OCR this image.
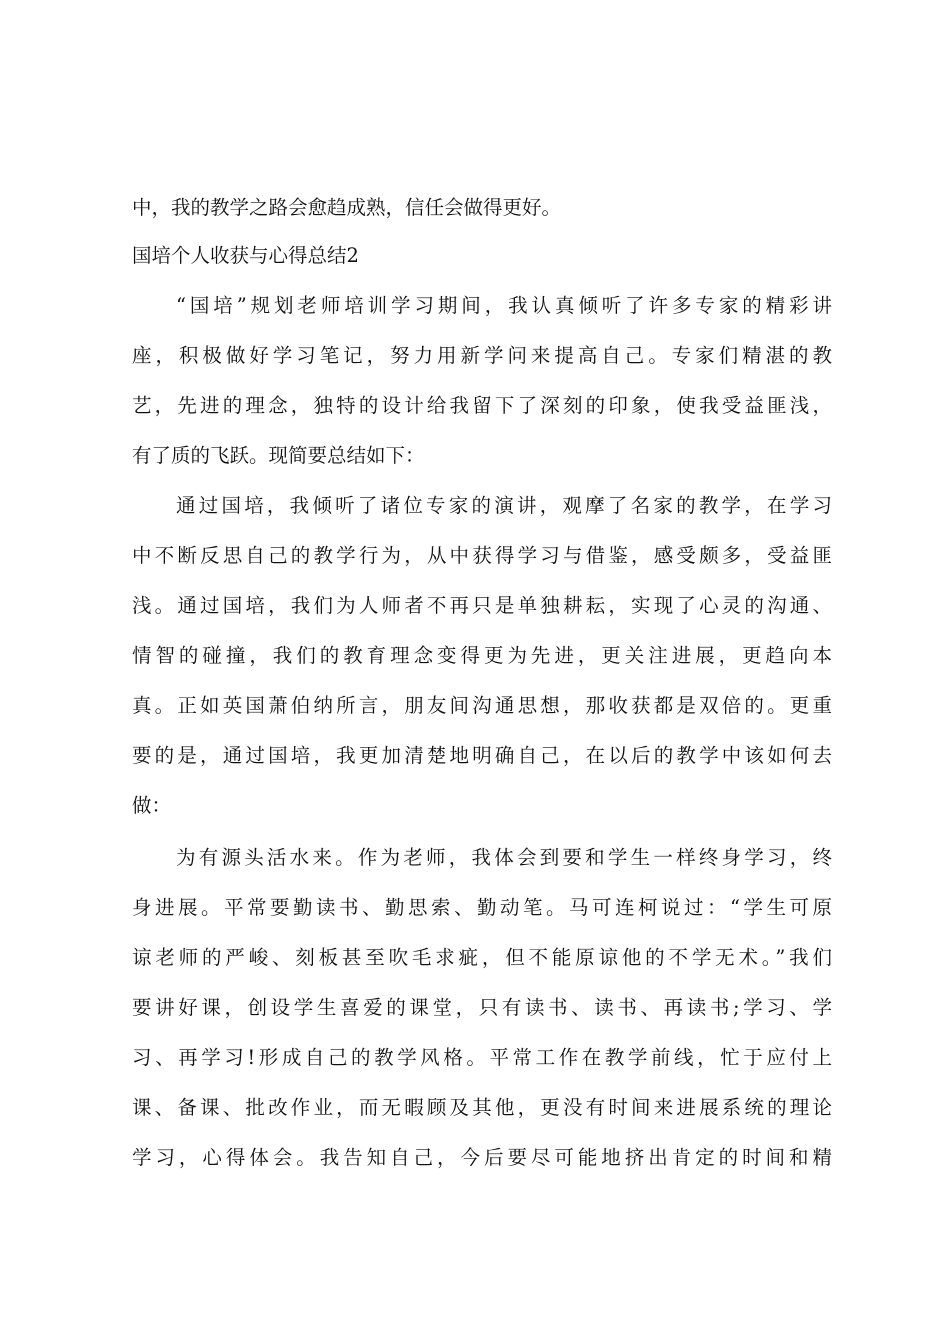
中，我的教学之路会愈趋成熟，信任会做得更好。
国培个人收获与心得总结2
“国培”规划老师培训学习期间，我认真倾听了许多专家的精彩讲
座，积极做好学习笔记，努力用新学问来提高自己。专家们精湛的教
艺，先进的理念，独特的设计给我留下了深刻的印象，使我受益匪浅，
有了质的飞跃。现简要总结如下：
通过国培，我倾听了诸位专家的演讲，观摩了名家的教学，在学习
中不断反思自己的教学行为，从中获得学习与借鉴，感受颇多，受益匪
浅。通过国培，我们为人师者不再只是单独耕耘，实现了心灵的沟通、
情智的碰撞，我们的教育理念变得更为先进，更关注进展，更趋向本
真。正如英国萧伯纳所言，朋友间沟通思想，那收获都是双倍的。更重
要的是，通过国培，我更加清楚地明确自己，在以后的教学中该如何去
做：
为有源头活水来。作为老师，我体会到要和学生一样终身学习，终
身进展。平常要勤读书、勤思索、勤动笔。马可连柯说过：“学生可原
谅老师的严峻、刻板甚至吹毛求疵，但不能原谅他的不学无术。”我们
要讲好课，创设学生喜爱的课堂，只有读书、读书、再读书;学习、学
习、再学习!形成自己的教学风格。平常工作在教学前线，忙于应付上
课、备课、批改作业，而无暇顾及其他，更没有时间来进展系统的理论
学习，心得体会。我告知自己，今后要尽可能地挤出肯定的时间和精
